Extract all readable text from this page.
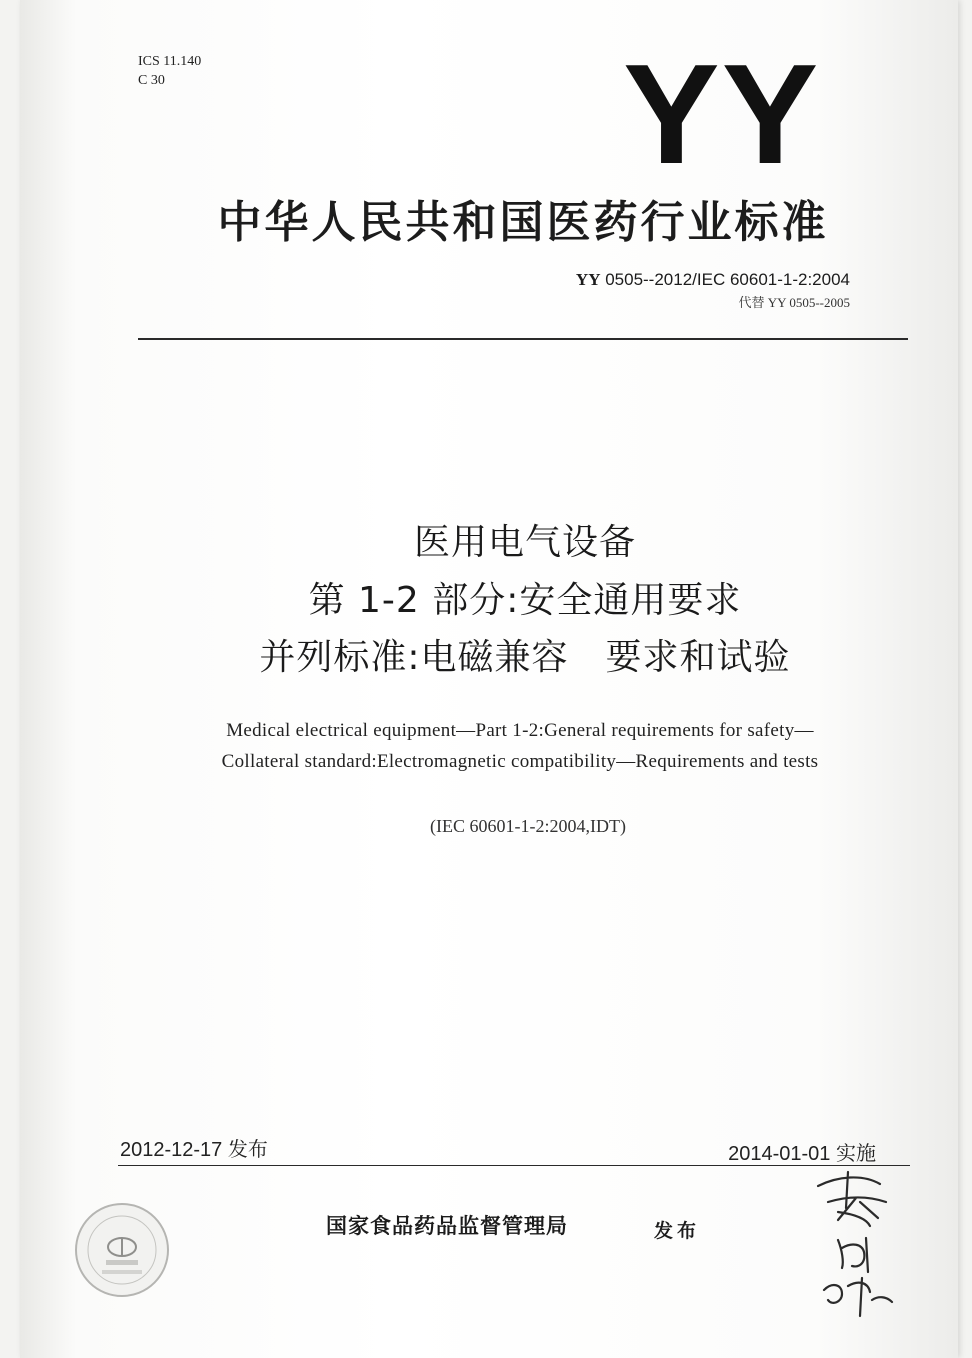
ICS 11.140
C 30	YY
中华人民共和国医药行业标准
YY 0505--2012/IEC 60601-1-2:2004
代替 YY 0505--2005
医用电气设备
第 1-2 部分:安全通用要求
并列标准:电磁兼容　要求和试验
Medical electrical equipment—Part 1-2:General requirements for safety—
Collateral standard:Electromagnetic compatibility—Requirements and tests
(IEC 60601-1-2:2004,IDT)
2012-12-17 发布	2014-01-01 实施
国家食品药品监督管理局	发布
